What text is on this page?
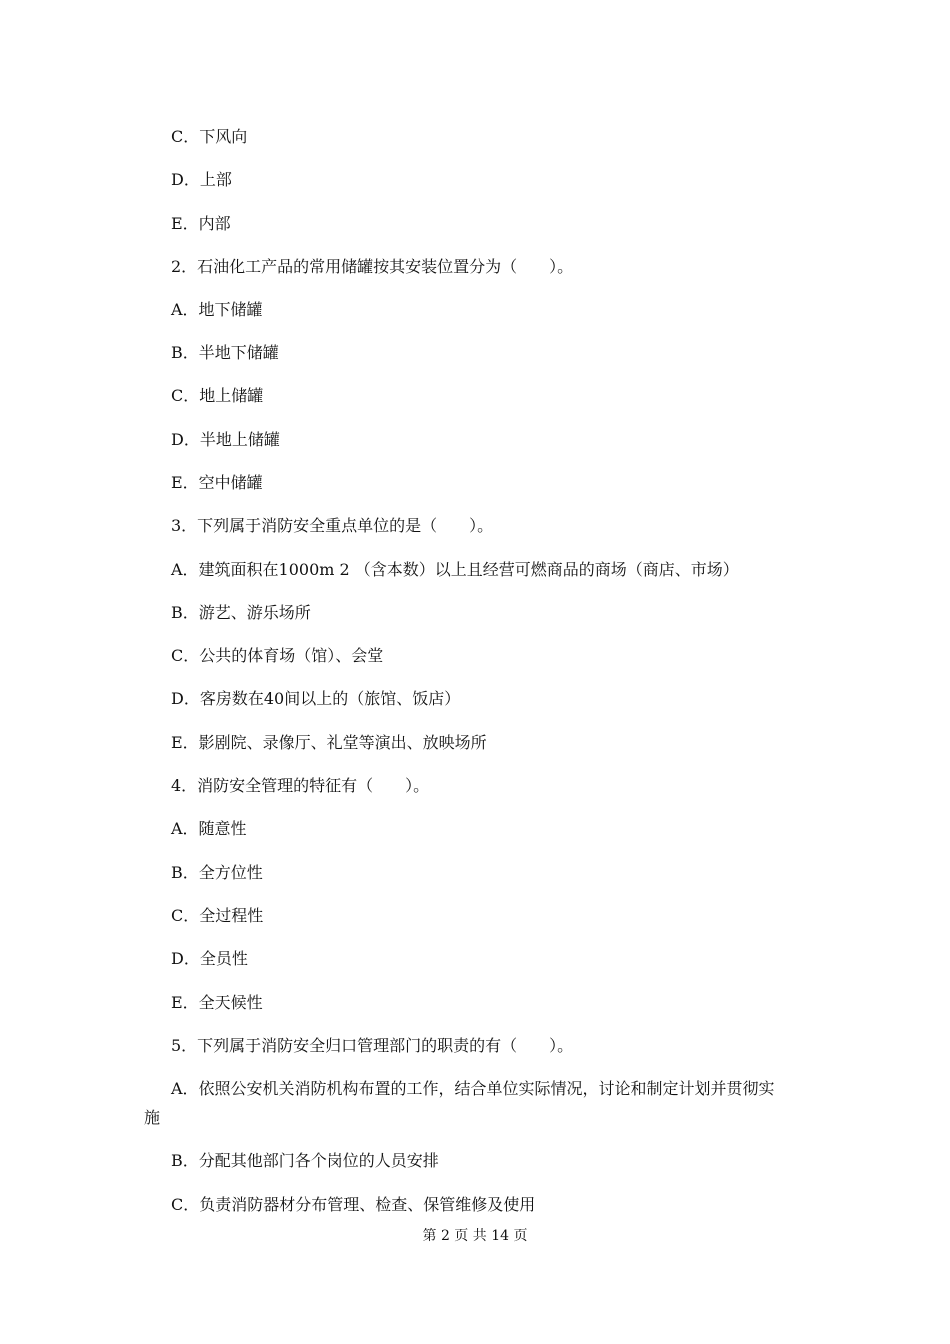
C．下风向
D．上部
E．内部
2．石油化工产品的常用储罐按其安装位置分为（　　）。
A．地下储罐
B．半地下储罐
C．地上储罐
D．半地上储罐
E．空中储罐
3．下列属于消防安全重点单位的是（　　）。
A．建筑面积在1000m 2 （含本数）以上且经营可燃商品的商场（商店、市场）
B．游艺、游乐场所
C．公共的体育场（馆）、会堂
D．客房数在40间以上的（旅馆、饭店）
E．影剧院、录像厅、礼堂等演出、放映场所
4．消防安全管理的特征有（　　）。
A．随意性
B．全方位性
C．全过程性
D．全员性
E．全天候性
5．下列属于消防安全归口管理部门的职责的有（　　）。
A．依照公安机关消防机构布置的工作，结合单位实际情况，讨论和制定计划并贯彻实
施
B．分配其他部门各个岗位的人员安排
C．负责消防器材分布管理、检查、保管维修及使用
第 2 页 共 14 页
